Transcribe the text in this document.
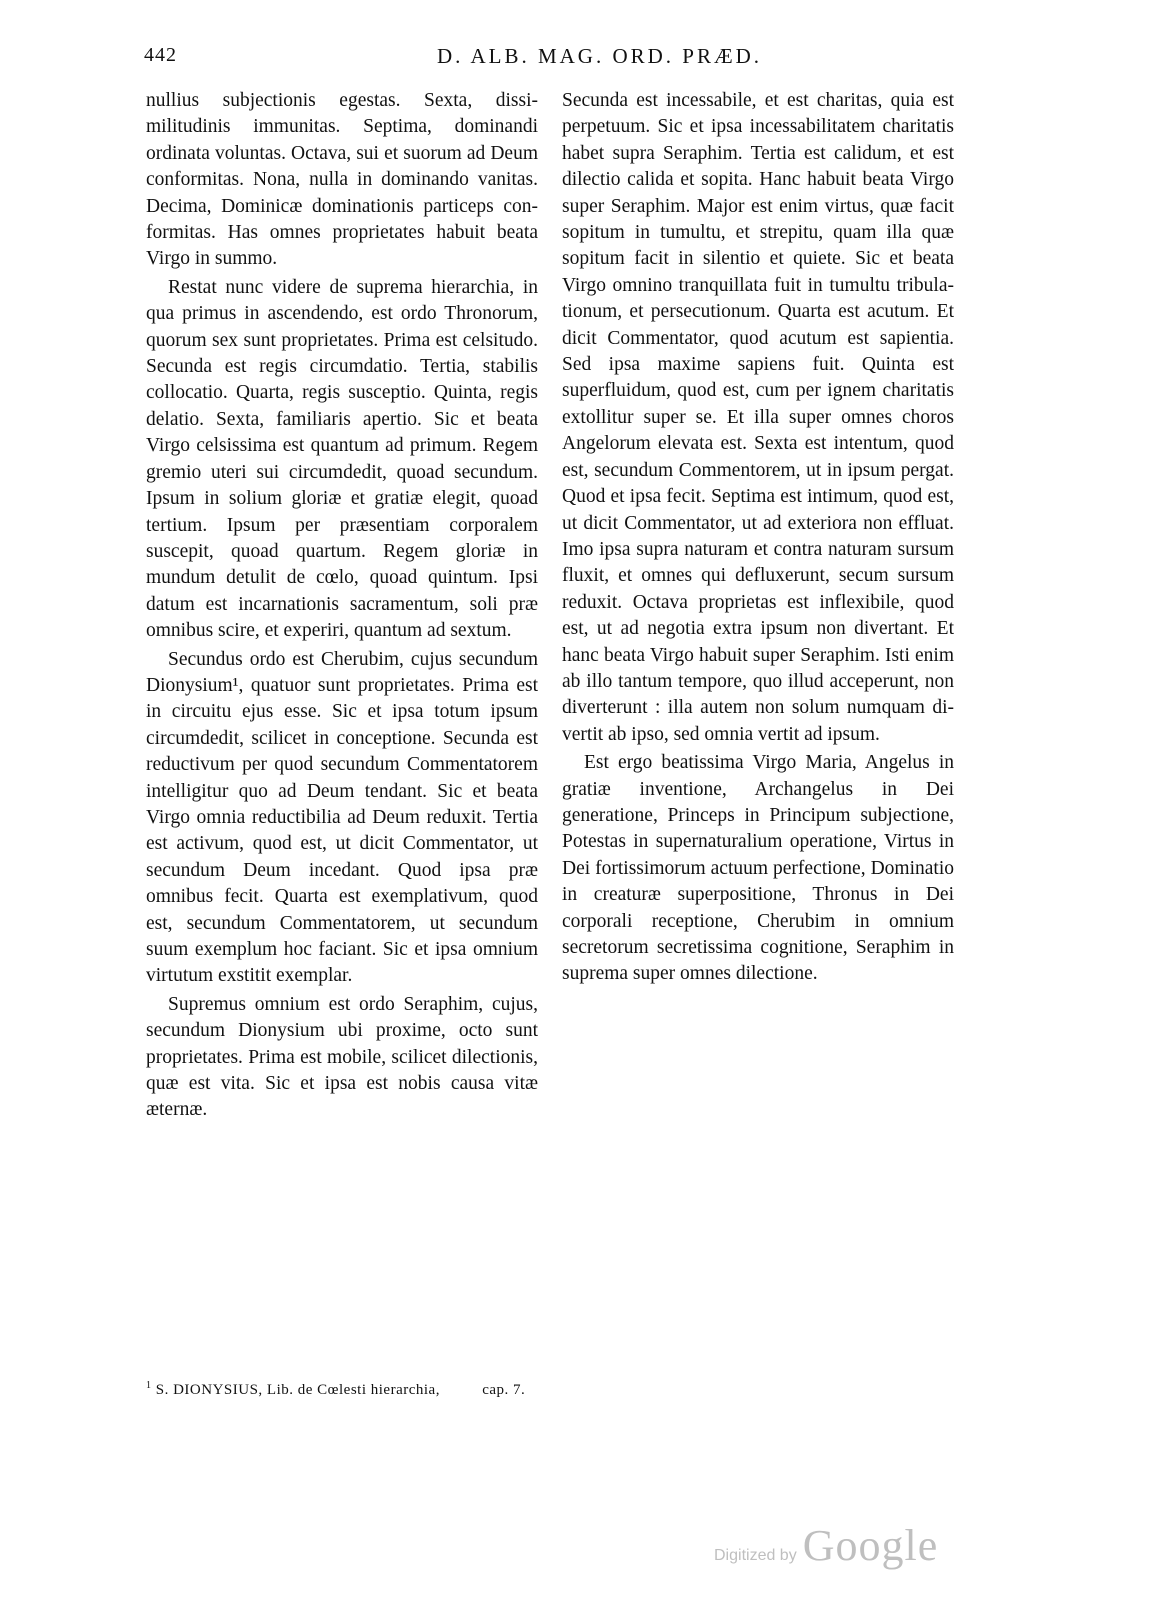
442	D. ALB. MAG. ORD. PRÆD.

nullius subjectionis egestas. Sexta, dissimilitudinis immunitas. Septima, dominandi ordinata voluntas. Octava, sui et suorum ad Deum conformitas. Nona, nulla in dominando vanitas. Decima, Dominicæ dominationis particeps conformitas. Has omnes proprietates habuit beata Virgo in summo.

Restat nunc videre de suprema hierarchia, in qua primus in ascendendo, est ordo Thronorum, quorum sex sunt proprietates. Prima est celsitudo. Secunda est regis circumdatio. Tertia, stabilis collocatio. Quarta, regis susceptio. Quinta, regis delatio. Sexta, familiaris apertio. Sic et beata Virgo celsissima est quantum ad primum. Regem gremio uteri sui circumdedit, quoad secundum. Ipsum in solium gloriæ et gratiæ elegit, quoad tertium. Ipsum per præsentiam corporalem suscepit, quoad quartum. Regem gloriæ in mundum detulit de cœlo, quoad quintum. Ipsi datum est incarnationis sacramentum, soli præ omnibus scire, et experiri, quantum ad sextum.

Secundus ordo est Cherubim, cujus secundum Dionysium¹, quatuor sunt proprietates. Prima est in circuitu ejus esse. Sic et ipsa totum ipsum circumdedit, scilicet in conceptione. Secunda est reductivum per quod secundum Commentatorem intelligitur quo ad Deum tendant. Sic et beata Virgo omnia reductibilia ad Deum reduxit. Tertia est activum, quod est, ut dicit Commentator, ut secundum Deum incedant. Quod ipsa præ omnibus fecit. Quarta est exemplativum, quod est, secundum Commentatorem, ut secundum suum exemplum hoc faciant. Sic et ipsa omnium virtutum exstitit exemplar.

Supremus omnium est ordo Seraphim, cujus, secundum Dionysium ubi proxime, octo sunt proprietates. Prima est mobile, scilicet dilectionis, quæ est vita. Sic et ipsa est nobis causa vitæ æternæ.

Secunda est incessabile, et est charitas, quia est perpetuum. Sic et ipsa incessabilitatem charitatis habet supra Seraphim. Tertia est calidum, et est dilectio calida et sopita. Hanc habuit beata Virgo super Seraphim. Major est enim virtus, quæ facit sopitum in tumultu, et strepitu, quam illa quæ sopitum facit in silentio et quiete. Sic et beata Virgo omnino tranquillata fuit in tumultu tribulationum, et persecutionum. Quarta est acutum. Et dicit Commentator, quod acutum est sapientia. Sed ipsa maxime sapiens fuit. Quinta est superfluidum, quod est, cum per ignem charitatis extollitur super se. Et illa super omnes choros Angelorum elevata est. Sexta est intentum, quod est, secundum Commentorem, ut in ipsum pergat. Quod et ipsa fecit. Septima est intimum, quod est, ut dicit Commentator, ut ad exteriora non effluat. Imo ipsa supra naturam et contra naturam sursum fluxit, et omnes qui defluxerunt, secum sursum reduxit. Octava proprietas est inflexibile, quod est, ut ad negotia extra ipsum non divertant. Et hanc beata Virgo habuit super Seraphim. Isti enim ab illo tantum tempore, quo illud acceperunt, non diverterunt : illa autem non solum numquam divertit ab ipso, sed omnia vertit ad ipsum.

Est ergo beatissima Virgo Maria, Angelus in gratiæ inventione, Archangelus in Dei generatione, Princeps in Principum subjectione, Potestas in supernaturalium operatione, Virtus in Dei fortissimorum actuum perfectione, Dominatio in creaturæ superpositione, Thronus in Dei corporali receptione, Cherubim in omnium secretorum secretissima cognitione, Seraphim in suprema super omnes dilectione.

$^1$ S. DIONYSIUS, Lib. de Cœlesti hierarchia,	cap. 7.
Digitized by Google
